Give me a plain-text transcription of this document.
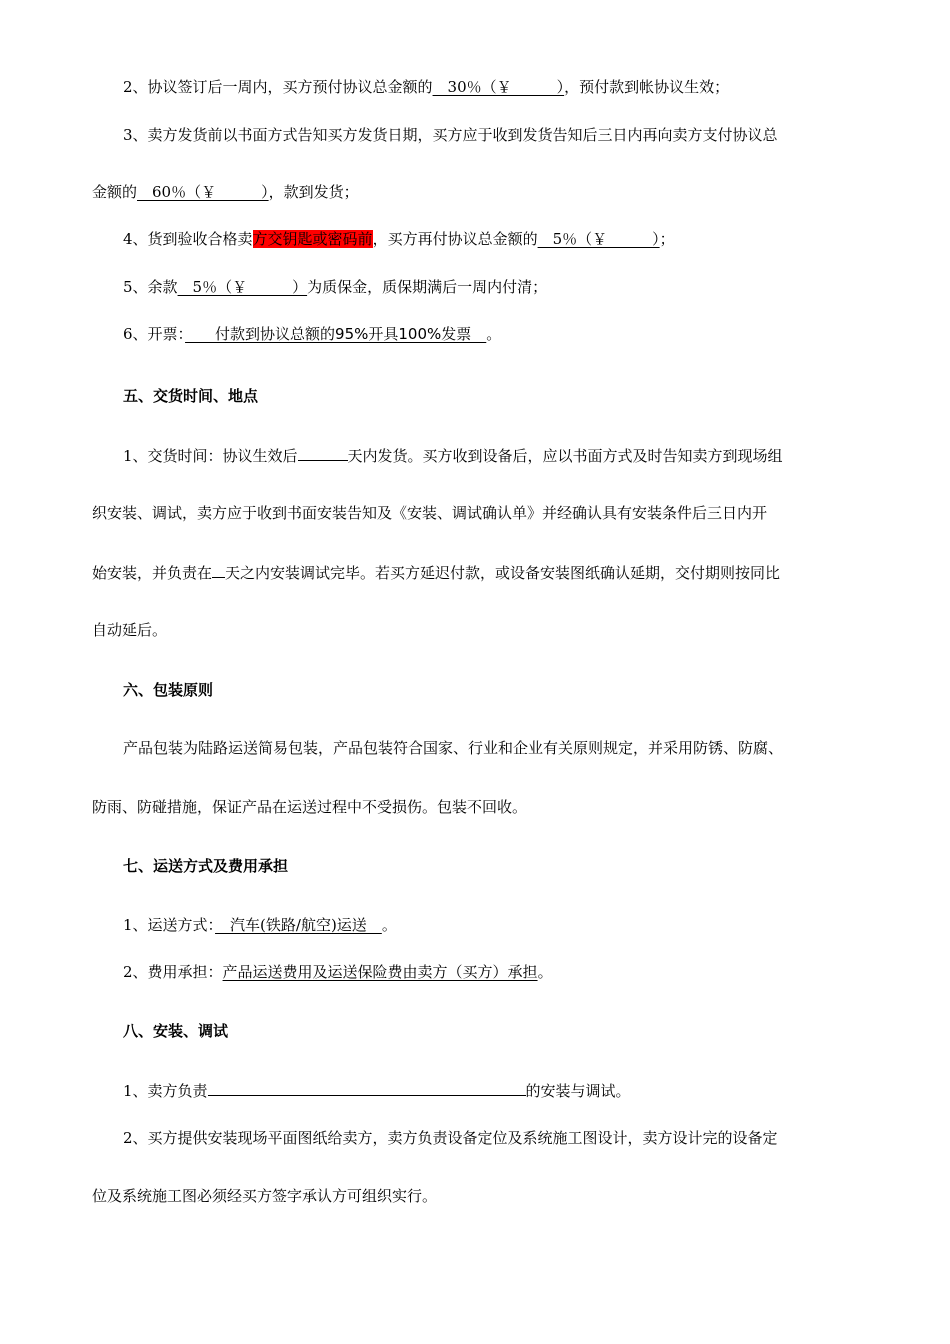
2、协议签订后一周内，买方预付协议总金额的　30％（￥　　　），预付款到帐协议生效；
3、卖方发货前以书面方式告知买方发货日期，买方应于收到发货告知后三日内再向卖方支付协议总
金额的　60％（￥　　　），款到发货；
4、货到验收合格卖方交钥匙或密码前，买方再付协议总金额的　5％（￥　　　）；
5、余款　5％（￥　　　）为质保金，质保期满后一周内付清；
6、开票：　　付款到协议总额的95%开具100%发票　。
五、交货时间、地点
1、交货时间：协议生效后	天内发货。买方收到设备后，应以书面方式及时告知卖方到现场组
织安装、调试，卖方应于收到书面安装告知及《安装、调试确认单》并经确认具有安装条件后三日内开
始安装，并负责在 天之内安装调试完毕。若买方延迟付款，或设备安装图纸确认延期，交付期则按同比
自动延后。
六、包装原则
产品包装为陆路运送简易包装，产品包装符合国家、行业和企业有关原则规定，并采用防锈、防腐、
防雨、防碰措施，保证产品在运送过程中不受损伤。包装不回收。
七、运送方式及费用承担
1、运送方式：　汽车(铁路/航空)运送　。
2、费用承担：产品运送费用及运送保险费由卖方（买方）承担。
八、安装、调试
1、卖方负责	的安装与调试。
2、买方提供安装现场平面图纸给卖方，卖方负责设备定位及系统施工图设计，卖方设计完的设备定
位及系统施工图必须经买方签字承认方可组织实行。
